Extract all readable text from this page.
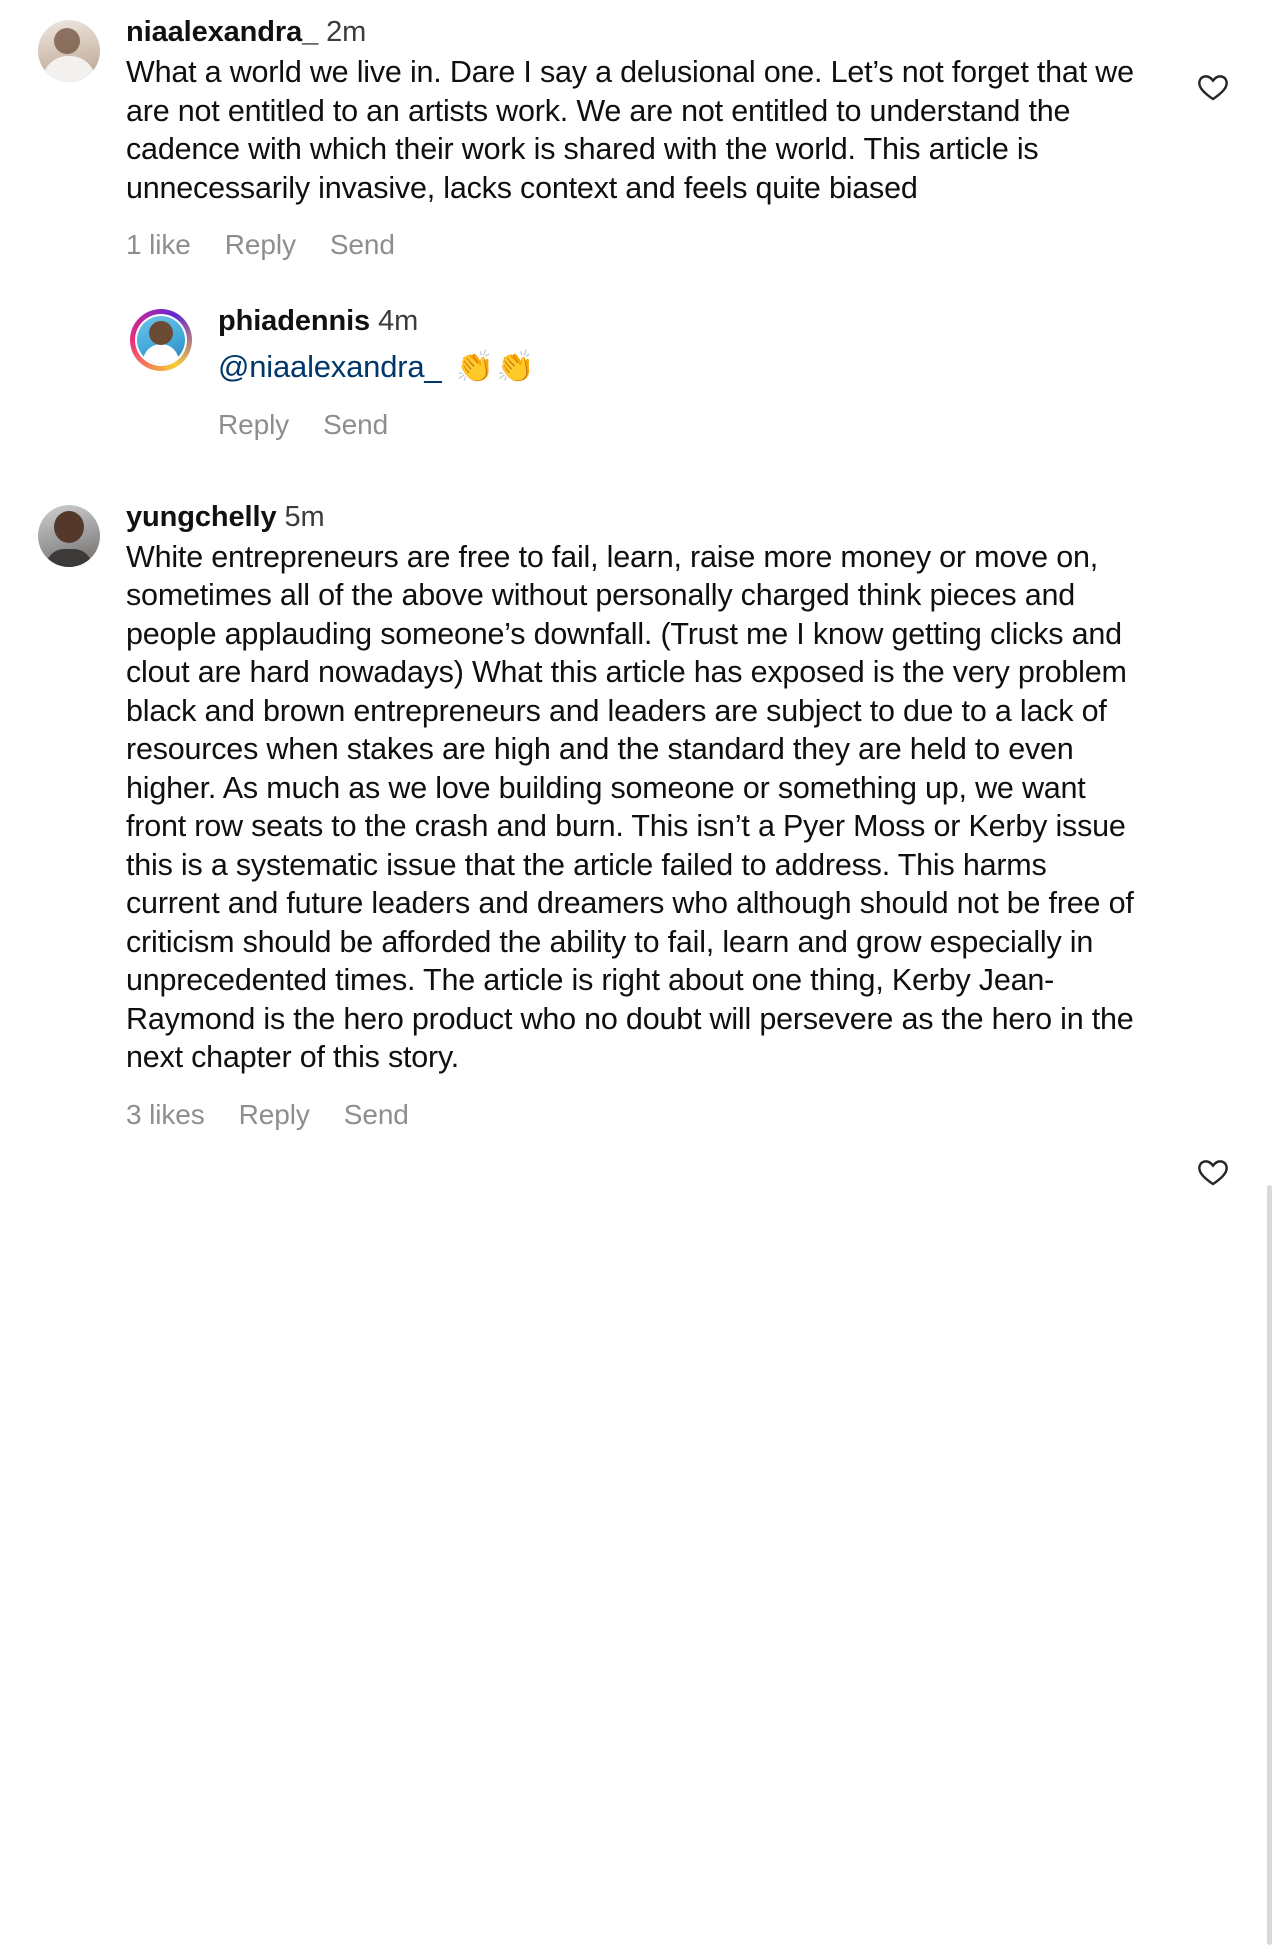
niaalexandra_ 2m
What a world we live in. Dare I say a delusional one. Let’s not forget that we are not entitled to an artists work. We are not entitled to understand the cadence with which their work is shared with the world. This article is unnecessarily invasive, lacks context and feels quite biased
1 like Reply Send
phiadennis 4m
@niaalexandra_ 👏👏
Reply Send
yungchelly 5m
White entrepreneurs are free to fail, learn, raise more money or move on, sometimes all of the above without personally charged think pieces and people applauding someone’s downfall. (Trust me I know getting clicks and clout are hard nowadays) What this article has exposed is the very problem black and brown entrepreneurs and leaders are subject to due to a lack of resources when stakes are high and the standard they are held to even higher. As much as we love building someone or something up, we want front row seats to the crash and burn. This isn’t a Pyer Moss or Kerby issue this is a systematic issue that the article failed to address. This harms current and future leaders and dreamers who although should not be free of criticism should be afforded the ability to fail, learn and grow especially in unprecedented times. The article is right about one thing, Kerby Jean-Raymond is the hero product who no doubt will persevere as the hero in the next chapter of this story.
3 likes Reply Send
